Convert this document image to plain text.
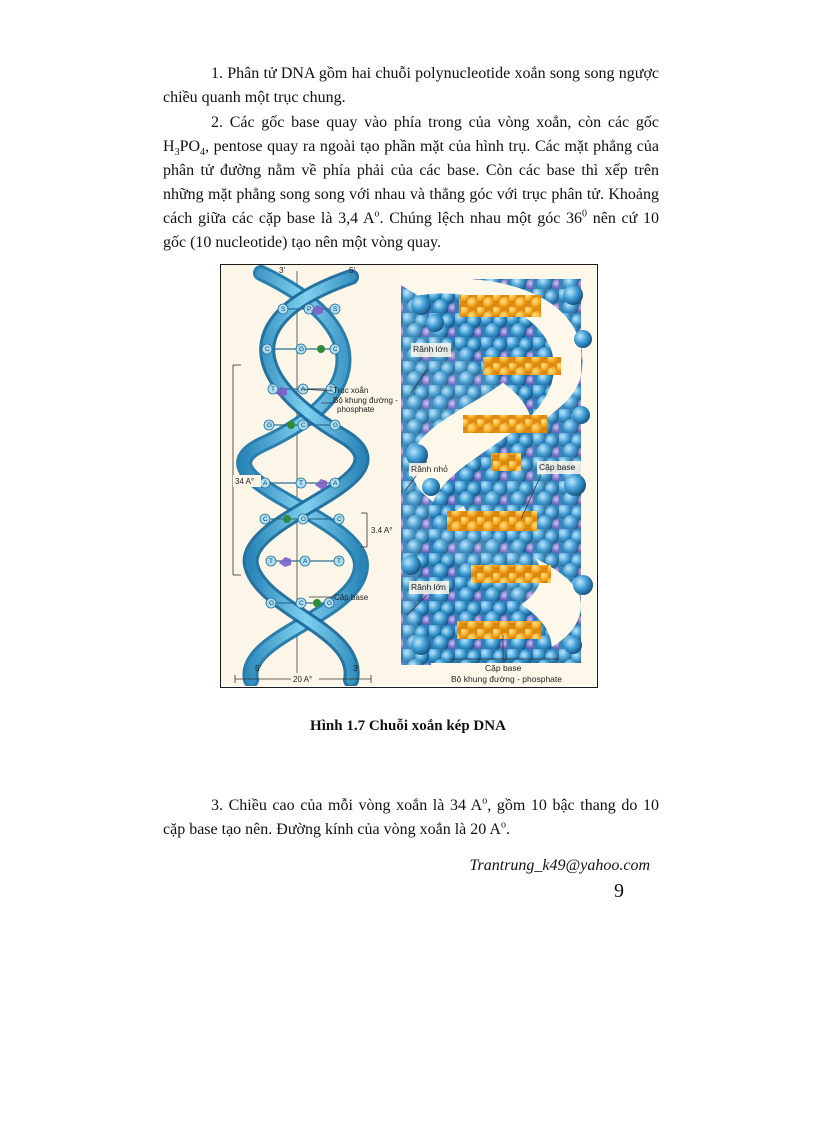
1. Phân tử DNA gồm hai chuỗi polynucleotide xoắn song song ngược chiều quanh một trục chung.

2. Các gốc base quay vào phía trong của vòng xoắn, còn các gốc $H_3PO_4$, pentose quay ra ngoài tạo phần mặt của hình trụ. Các mặt phẳng của phân tử đường nằm về phía phải của các base. Còn các base thì xếp trên những mặt phẳng song song với nhau và thẳng góc với trục phân tử. Khoảng cách giữa các cặp base là 3,4 $A^o$. Chúng lệch nhau một góc $36^0$ nên cứ 10 gốc (10 nucleotide) tạo nên một vòng quay.

S	P	S
C	G	C
T	A	T
G	C	G
A	T	A
C	G	C
T	A	T
G	C	G
3'	5'
5'	3'
34 A°
3.4 A°
Trục xoắn
Bộ khung đường -
phosphate
Cặp base
20 A°
Rãnh lớn
Rãnh nhỏ	Cặp base
Rãnh lớn
Cặp base
Bộ khung đường - phosphate

Hình 1.7 Chuỗi xoắn kép DNA

3. Chiều cao của mỗi vòng xoắn là 34 $A^o$, gồm 10 bậc thang do 10 cặp base tạo nên. Đường kính của vòng xoắn là 20 $A^o$.

Trantrung_k49@yahoo.com

9
